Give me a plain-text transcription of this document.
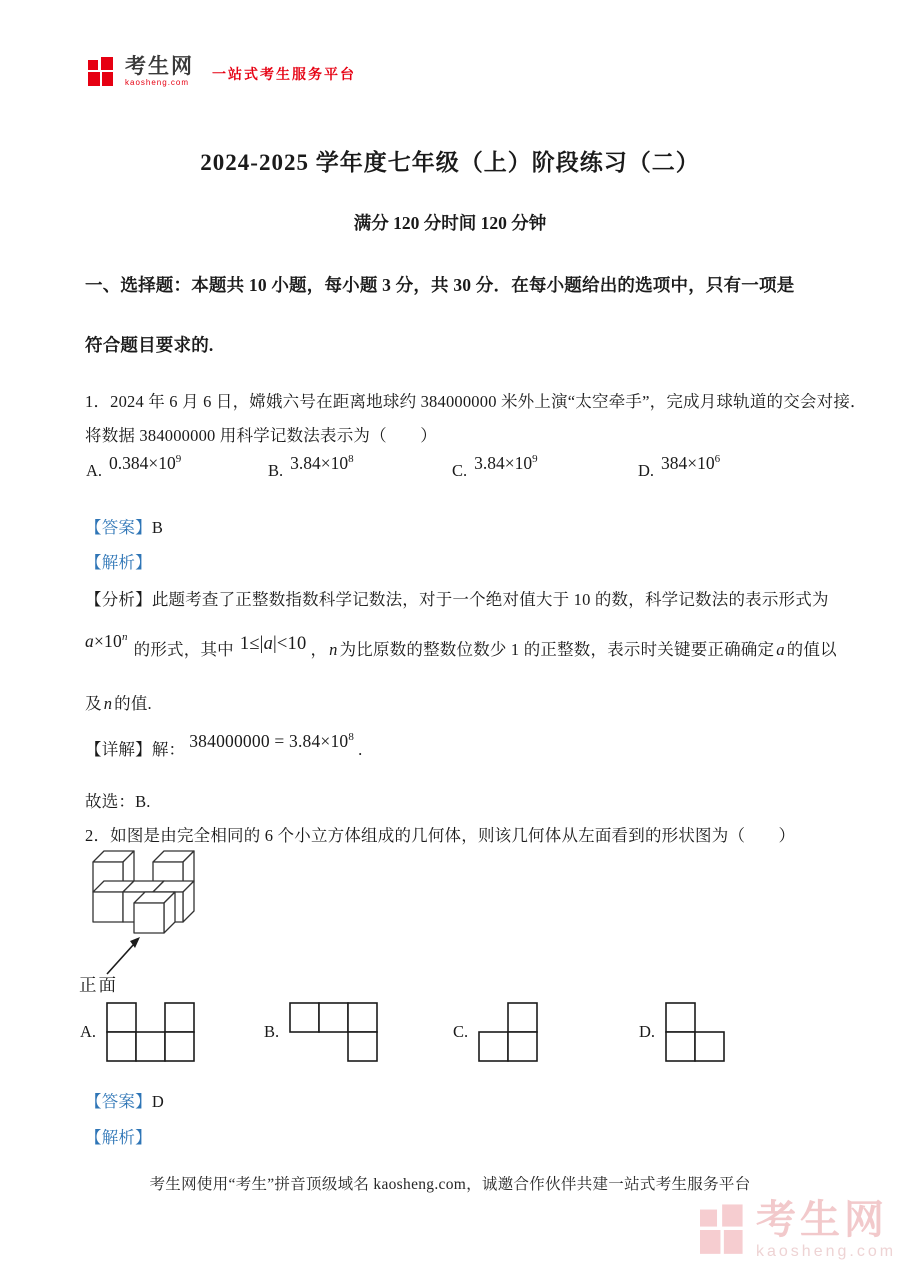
考生网
kaosheng.com
一站式考生服务平台
2024-2025 学年度七年级（上）阶段练习（二）
满分 120 分时间 120 分钟
一、选择题：本题共 10 小题，每小题 3 分，共 30 分．在每小题给出的选项中，只有一项是
符合题目要求的.
1．2024 年 6 月 6 日，嫦娥六号在距离地球约 384000000 米外上演“太空牵手”，完成月球轨道的交会对接．
将数据 384000000 用科学记数法表示为（　　）
A. $0.384\times 10^9$
B. $3.84\times 10^8$
C. $3.84\times 10^9$
D. $384\times 10^6$
【答案】B
【解析】
【分析】此题考查了正整数指数科学记数法，对于一个绝对值大于 10 的数，科学记数法的表示形式为
$a\times 10^n$的形式，其中 1≤|a|<10 ， n 为比原数的整数位数少 1 的正整数，表示时关键要正确确定 a 的值以
及 n 的值.
【详解】解： $384000000 = 3.84\times 10^8$.
故选：B.
2．如图是由完全相同的 6 个小立方体组成的几何体，则该几何体从左面看到的形状图为（　　）
正面
A.	B.	C.	D.
【答案】D
【解析】
考生网使用“考生”拼音顶级域名 kaosheng.com，诚邀合作伙伴共建一站式考生服务平台
考生网
kaosheng.com
